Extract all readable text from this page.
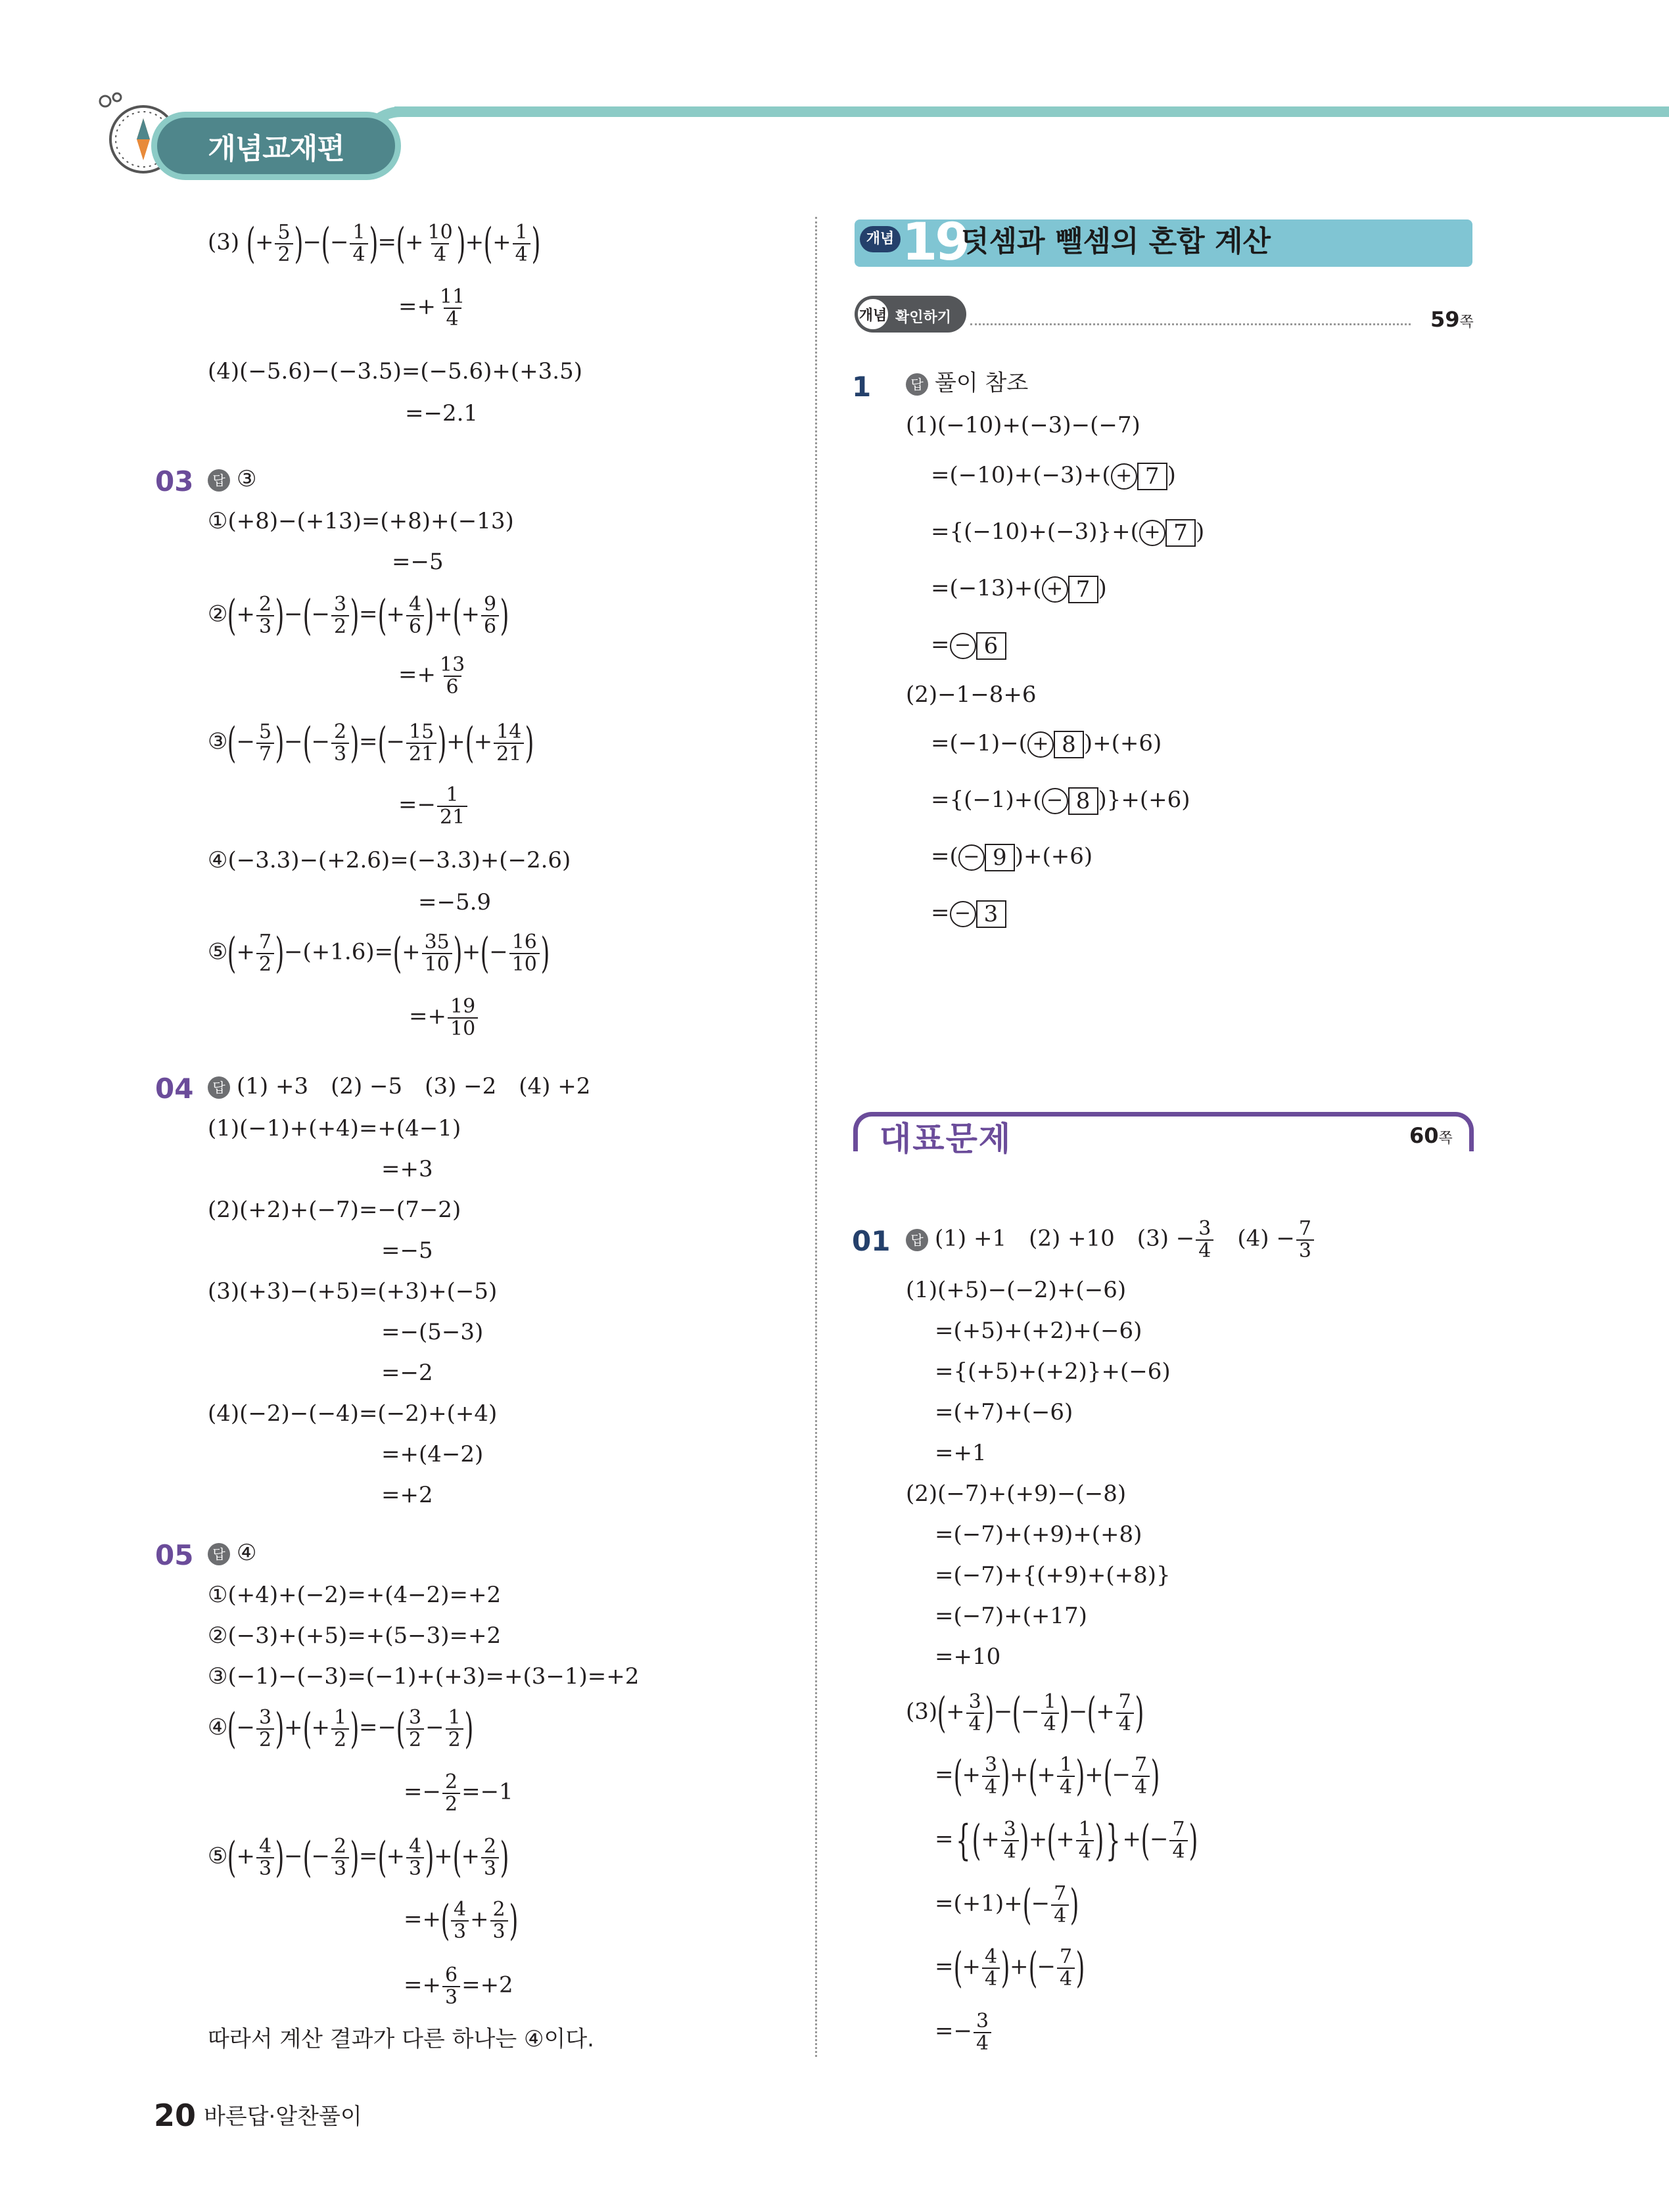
개념교재편
(3) (+ $\frac{5}{2}$ )−(− $\frac{1}{4}$ )=(+ $\frac{10}{4}$ )+(+ $\frac{1}{4}$ )
=+ $\frac{11}{4}$
(4)(−5.6)−(−3.5)=(−5.6)+(+3.5)
=−2.1
03	답 ③
①(+8)−(+13)=(+8)+(−13)
=−5
②(+ $\frac{2}{3}$ )−(− $\frac{3}{2}$ )=(+ $\frac{4}{6}$ )+(+ $\frac{9}{6}$ )
=+ $\frac{13}{6}$
③(− $\frac{5}{7}$ )−(− $\frac{2}{3}$ )=(− $\frac{15}{21}$ )+(+ $\frac{14}{21}$ )
=− $\frac{1}{21}$
④(−3.3)−(+2.6)=(−3.3)+(−2.6)
=−5.9
⑤(+ $\frac{7}{2} )-(+1.6)=(+ \frac{35}{10}$ )+(− $\frac{16}{10}$ )
=+ $\frac{19}{10}$
04	답 (1) +3　(2) −5　(3) −2　(4) +2
(1)(−1)+(+4)=+(4−1)
=+3
(2)(+2)+(−7)=−(7−2)
=−5
(3)(+3)−(+5)=(+3)+(−5)
=−(5−3)
=−2
(4)(−2)−(−4)=(−2)+(+4)
=+(4−2)
=+2
05	답 ④
①(+4)+(−2)=+(4−2)=+2
②(−3)+(+5)=+(5−3)=+2
③(−1)−(−3)=(−1)+(+3)=+(3−1)=+2
④(− $\frac{3}{2}$ )+(+ $\frac{1}{2}$ )=−( $\frac{3}{2} - \frac{1}{2}$ )
=− $\frac{2}{2} =-1$
⑤(+ $\frac{4}{3}$ )−(− $\frac{2}{3}$ )=(+ $\frac{4}{3}$ )+(+ $\frac{2}{3}$ )
=+( $\frac{4}{3} + \frac{2}{3}$ )
=+ $\frac{6}{3} =+2$
따라서 계산 결과가 다른 하나는 ④이다.
개념 19
덧셈과 뺄셈의 혼합 계산
개념 확인하기	59쪽
1	답 풀이 참조
(1)(−10)+(−3)−(−7)
=(−10)+(−3)+( + 7 )
={(−10)+(−3)}+( + 7 )
=(−13)+( + 7 )
= − 6
(2)−1−8+6
=(−1)−( + 8 )+(+6)
={(−1)+( − 8 )}+(+6)
=( − 9 )+(+6)
= − 3
대표문제	60쪽
01	답 (1) +1　(2) +10　$(3) - \frac{3}{4}$ 　$(4) - \frac{7}{3}$
(1)(+5)−(−2)+(−6)
=(+5)+(+2)+(−6)
={(+5)+(+2)}+(−6)
=(+7)+(−6)
=+1
(2)(−7)+(+9)−(−8)
=(−7)+(+9)+(+8)
=(−7)+{(+9)+(+8)}
=(−7)+(+17)
=+10
$(3)(+ \frac{3}{4}$ )−(− $\frac{1}{4}$ )−(+ $\frac{7}{4}$ )
=(+ $\frac{3}{4}$ )+(+ $\frac{1}{4}$ )+(− $\frac{7}{4}$ )
={(+ $\frac{3}{4}$ )+(+ $\frac{1}{4}$ )}+(− $\frac{7}{4}$ )
$=(+1)+(- \frac{7}{4}$ )
=(+ $\frac{4}{4}$ )+(− $\frac{7}{4}$ )
=− $\frac{3}{4}$
20 바른답·알찬풀이
